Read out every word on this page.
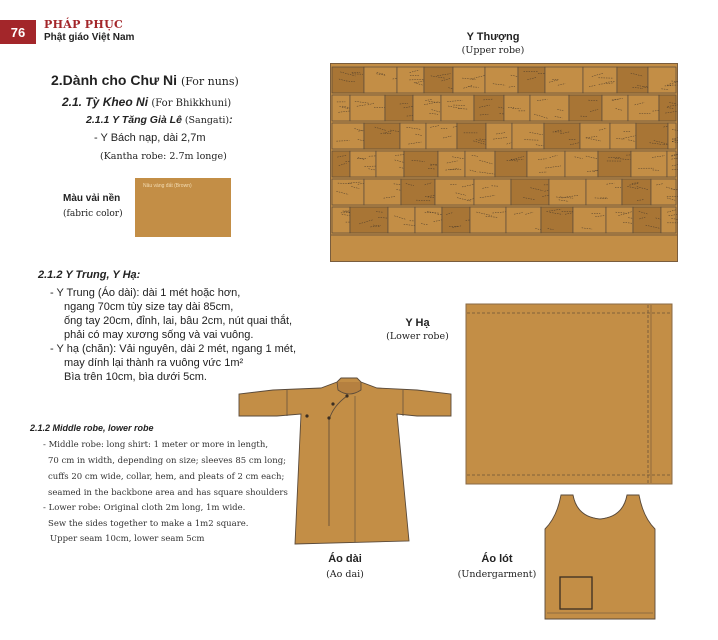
76	PHÁP PHỤC
Phật giáo Việt Nam
2.Dành cho Chư Ni (For nuns)
2.1. Tỳ Kheo Ni (For Bhikkhuni)
2.1.1 Y Tăng Già Lê (Sangati):
- Y Bách nạp, dài 2,7m
(Kantha robe: 2.7m longe)
Màu vải nền
(fabric color)
Nâu vàng đất (Brown)
2.1.2 Y Trung, Y Hạ:
- Y Trung (Áo dài): dài 1 mét hoặc hơn,
ngang 70cm tùy size tay dài 85cm,
ống tay 20cm, đỉnh, lai, bâu 2cm, nút quai thắt,
phải có may xương sống và vai vuông.
- Y hạ (chăn): Vải nguyên, dài 2 mét, ngang 1 mét,
may dính lại thành ra vuông vức 1m²
Bìa trên 10cm, bìa dưới 5cm.
2.1.2 Middle robe, lower robe
- Middle robe: long shirt: 1 meter or more in length,
70 cm in width, depending on size; sleeves 85 cm long;
cuffs 20 cm wide, collar, hem, and pleats of 2 cm each;
seamed in the backbone area and has square shoulders
- Lower robe: Original cloth 2m long, 1m wide.
Sew the sides together to make a 1m2 square.
Upper seam 10cm, lower seam 5cm
Y Thượng
(Upper robe)
Y Hạ
(Lower robe)
Áo dài
(Ao dai)
Áo lót
(Undergarment)
